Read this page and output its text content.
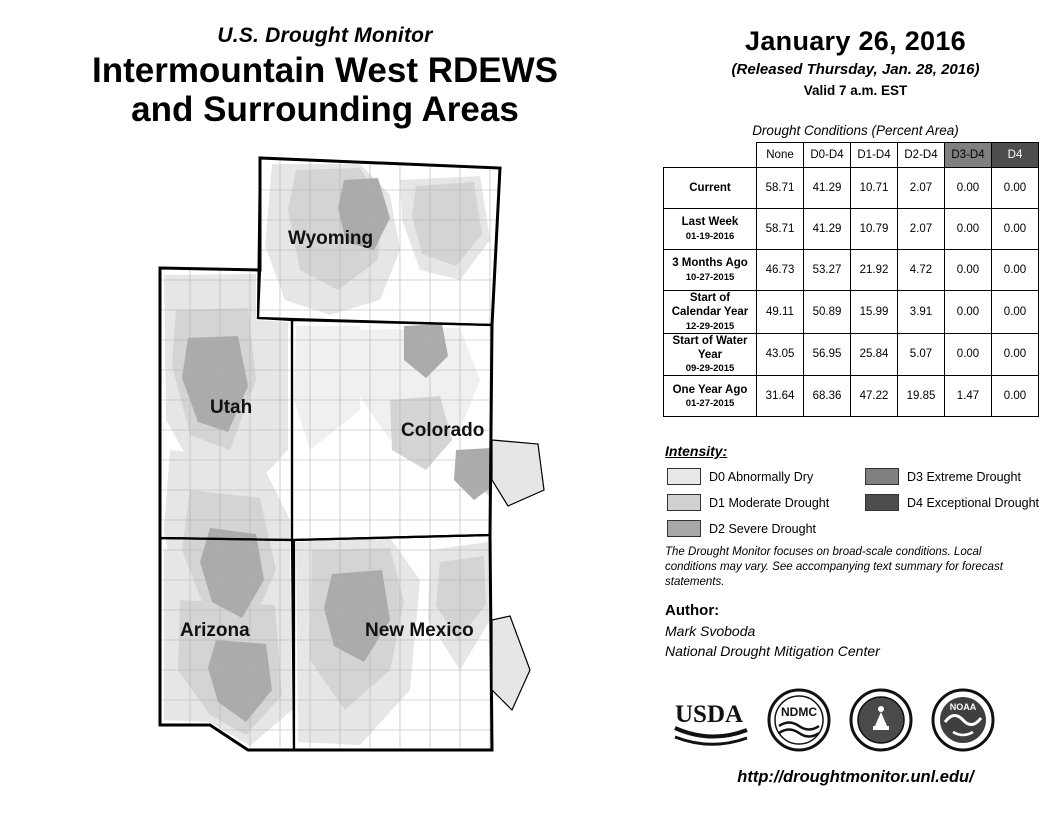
U.S. Drought Monitor
Intermountain West RDEWS
and Surrounding Areas
Wyoming
Utah
Colorado
Arizona	New Mexico
January 26, 2016
(Released Thursday, Jan. 28, 2016)
Valid 7 a.m. EST
Drought Conditions (Percent Area)
	None	D0-D4	D1-D4	D2-D4	D3-D4	D4
Current	58.71	41.29	10.71	2.07	0.00	0.00
Last Week
01-19-2016	58.71	41.29	10.79	2.07	0.00	0.00
3 Months Ago
10-27-2015	46.73	53.27	21.92	4.72	0.00	0.00
Start of Calendar Year
12-29-2015	49.11	50.89	15.99	3.91	0.00	0.00
Start of Water Year
09-29-2015	43.05	56.95	25.84	5.07	0.00	0.00
One Year Ago
01-27-2015	31.64	68.36	47.22	19.85	1.47	0.00
Intensity:
D0 Abnormally Dry
D1 Moderate Drought
D2 Severe Drought
D3 Extreme Drought
D4 Exceptional Drought
The Drought Monitor focuses on broad-scale conditions. Local conditions may vary. See accompanying text summary for forecast statements.
Author:
Mark Svoboda
National Drought Mitigation Center
USDA	NDMC	NOAA
http://droughtmonitor.unl.edu/
